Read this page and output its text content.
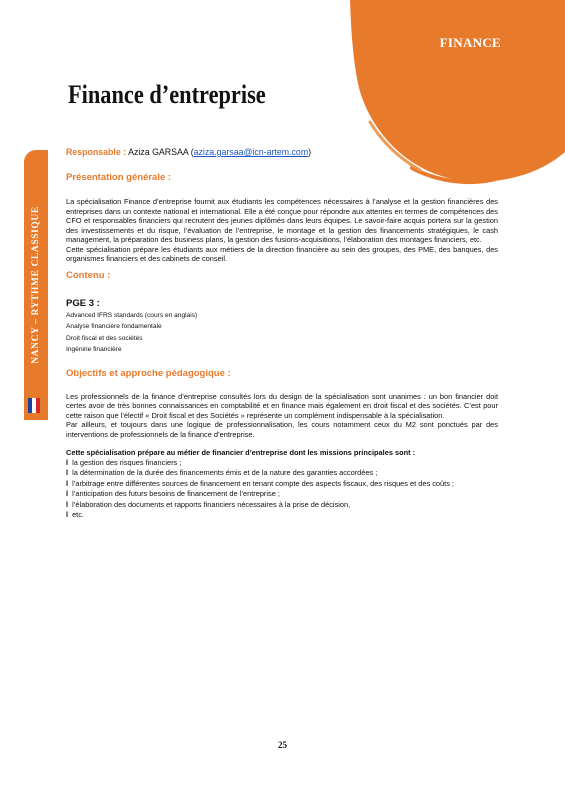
FINANCE
Finance d’entreprise
NANCY – RYTHME CLASSIQUE
Responsable : Aziza GARSAA (aziza.garsaa@icn-artem.com)
Présentation générale :

La spécialisation Finance d’entreprise fournit aux étudiants les compétences nécessaires à l’analyse et la gestion financières des entreprises dans un contexte national et international. Elle a été conçue pour répondre aux attentes en termes de compétences des CFO et responsables financiers qui recrutent des jeunes diplômés dans leurs équipes. Le savoir-faire acquis portera sur la gestion des investissements et du risque, l’évaluation de l’entreprise, le montage et la gestion des financements stratégiques, le cash management, la préparation des business plans, la gestion des fusions-acquisitions, l’élaboration des montages financiers, etc.

Cette spécialisation prépare les étudiants aux métiers de la direction financière au sein des groupes, des PME, des banques, des organismes financiers et des cabinets de conseil.

Contenu :
PGE 3 :
Advanced IFRS standards (cours en anglais)
Analyse financière fondamentale
Droit fiscal et des sociétés
Ingénirie financière
Objectifs et approche pédagogique :

Les professionnels de la finance d’entreprise consultés lors du design de la spécialisation sont unanimes : un bon financier doit certes avoir de très bonnes connaissances en comptabilité et en finance mais également en droit fiscal et des sociétés. C’est pour cette raison que l’électif « Droit fiscal et des Sociétés » représente un complément indispensable à la spécialisation.

Par ailleurs, et toujours dans une logique de professionnalisation, les cours notamment ceux du M2 sont ponctués par des interventions de professionnels de la finance d’entreprise.

Cette spécialisation prépare au métier de financier d’entreprise dont les missions principales sont :

l la gestion des risques financiers ;
l la détermination de la durée des financements émis et de la nature des garanties accordées ;
l l’arbitrage entre différentes sources de financement en tenant compte des aspects fiscaux, des risques et des coûts ;
l l’anticipation des futurs besoins de financement de l’entreprise ;
l l’élaboration des documents et rapports financiers nécessaires à la prise de décision,
l etc.
25
